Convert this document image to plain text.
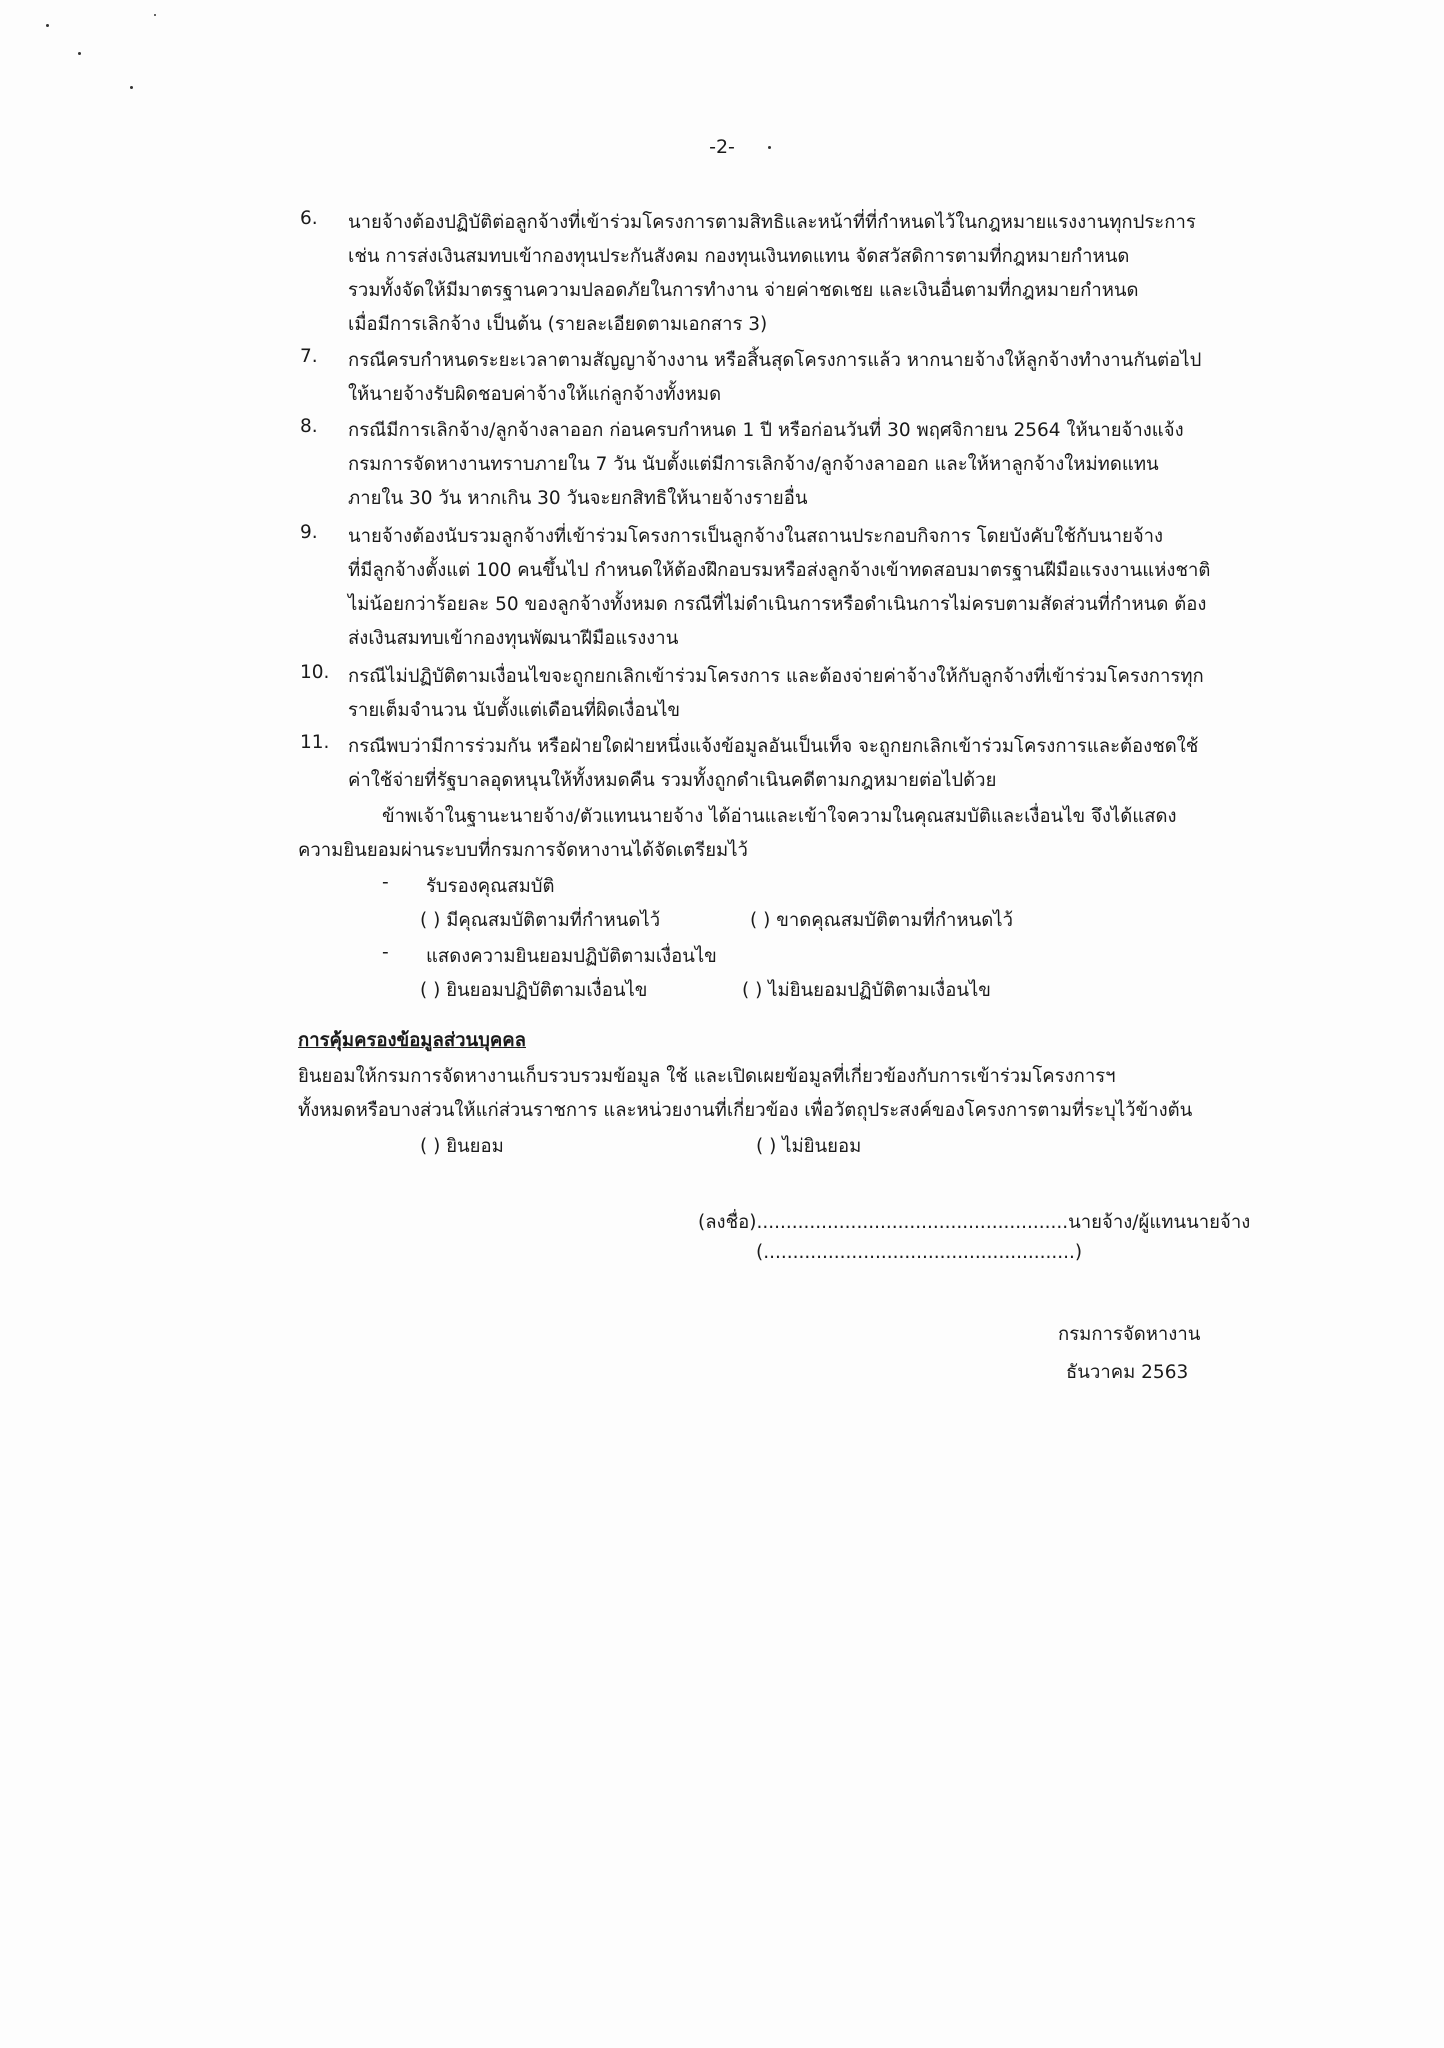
-2-
6. นายจ้างต้องปฏิบัติต่อลูกจ้างที่เข้าร่วมโครงการตามสิทธิและหน้าที่ที่กำหนดไว้ในกฎหมายแรงงานทุกประการ
เช่น การส่งเงินสมทบเข้ากองทุนประกันสังคม กองทุนเงินทดแทน จัดสวัสดิการตามที่กฎหมายกำหนด
รวมทั้งจัดให้มีมาตรฐานความปลอดภัยในการทำงาน จ่ายค่าชดเชย และเงินอื่นตามที่กฎหมายกำหนด
เมื่อมีการเลิกจ้าง เป็นต้น (รายละเอียดตามเอกสาร 3)
7. กรณีครบกำหนดระยะเวลาตามสัญญาจ้างงาน หรือสิ้นสุดโครงการแล้ว หากนายจ้างให้ลูกจ้างทำงานกันต่อไป
ให้นายจ้างรับผิดชอบค่าจ้างให้แก่ลูกจ้างทั้งหมด
8. กรณีมีการเลิกจ้าง/ลูกจ้างลาออก ก่อนครบกำหนด 1 ปี หรือก่อนวันที่ 30 พฤศจิกายน 2564 ให้นายจ้างแจ้ง
กรมการจัดหางานทราบภายใน 7 วัน นับตั้งแต่มีการเลิกจ้าง/ลูกจ้างลาออก และให้หาลูกจ้างใหม่ทดแทน
ภายใน 30 วัน หากเกิน 30 วันจะยกสิทธิให้นายจ้างรายอื่น
9. นายจ้างต้องนับรวมลูกจ้างที่เข้าร่วมโครงการเป็นลูกจ้างในสถานประกอบกิจการ โดยบังคับใช้กับนายจ้าง
ที่มีลูกจ้างตั้งแต่ 100 คนขึ้นไป กำหนดให้ต้องฝึกอบรมหรือส่งลูกจ้างเข้าทดสอบมาตรฐานฝีมือแรงงานแห่งชาติ
ไม่น้อยกว่าร้อยละ 50 ของลูกจ้างทั้งหมด กรณีที่ไม่ดำเนินการหรือดำเนินการไม่ครบตามสัดส่วนที่กำหนด ต้อง
ส่งเงินสมทบเข้ากองทุนพัฒนาฝีมือแรงงาน
10. กรณีไม่ปฏิบัติตามเงื่อนไขจะถูกยกเลิกเข้าร่วมโครงการ และต้องจ่ายค่าจ้างให้กับลูกจ้างที่เข้าร่วมโครงการทุก
รายเต็มจำนวน นับตั้งแต่เดือนที่ผิดเงื่อนไข
11. กรณีพบว่ามีการร่วมกัน หรือฝ่ายใดฝ่ายหนึ่งแจ้งข้อมูลอันเป็นเท็จ จะถูกยกเลิกเข้าร่วมโครงการและต้องชดใช้
ค่าใช้จ่ายที่รัฐบาลอุดหนุนให้ทั้งหมดคืน รวมทั้งถูกดำเนินคดีตามกฎหมายต่อไปด้วย
ข้าพเจ้าในฐานะนายจ้าง/ตัวแทนนายจ้าง ได้อ่านและเข้าใจความในคุณสมบัติและเงื่อนไข จึงได้แสดง
ความยินยอมผ่านระบบที่กรมการจัดหางานได้จัดเตรียมไว้
- รับรองคุณสมบัติ
( ) มีคุณสมบัติตามที่กำหนดไว้	( ) ขาดคุณสมบัติตามที่กำหนดไว้
- แสดงความยินยอมปฏิบัติตามเงื่อนไข
( ) ยินยอมปฏิบัติตามเงื่อนไข	( ) ไม่ยินยอมปฏิบัติตามเงื่อนไข
การคุ้มครองข้อมูลส่วนบุคคล
ยินยอมให้กรมการจัดหางานเก็บรวบรวมข้อมูล ใช้ และเปิดเผยข้อมูลที่เกี่ยวข้องกับการเข้าร่วมโครงการฯ
ทั้งหมดหรือบางส่วนให้แก่ส่วนราชการ และหน่วยงานที่เกี่ยวข้อง เพื่อวัตถุประสงค์ของโครงการตามที่ระบุไว้ข้างต้น
( ) ยินยอม	( ) ไม่ยินยอม
(ลงชื่อ).....................................................นายจ้าง/ผู้แทนนายจ้าง
(.....................................................)
กรมการจัดหางาน
ธันวาคม 2563
